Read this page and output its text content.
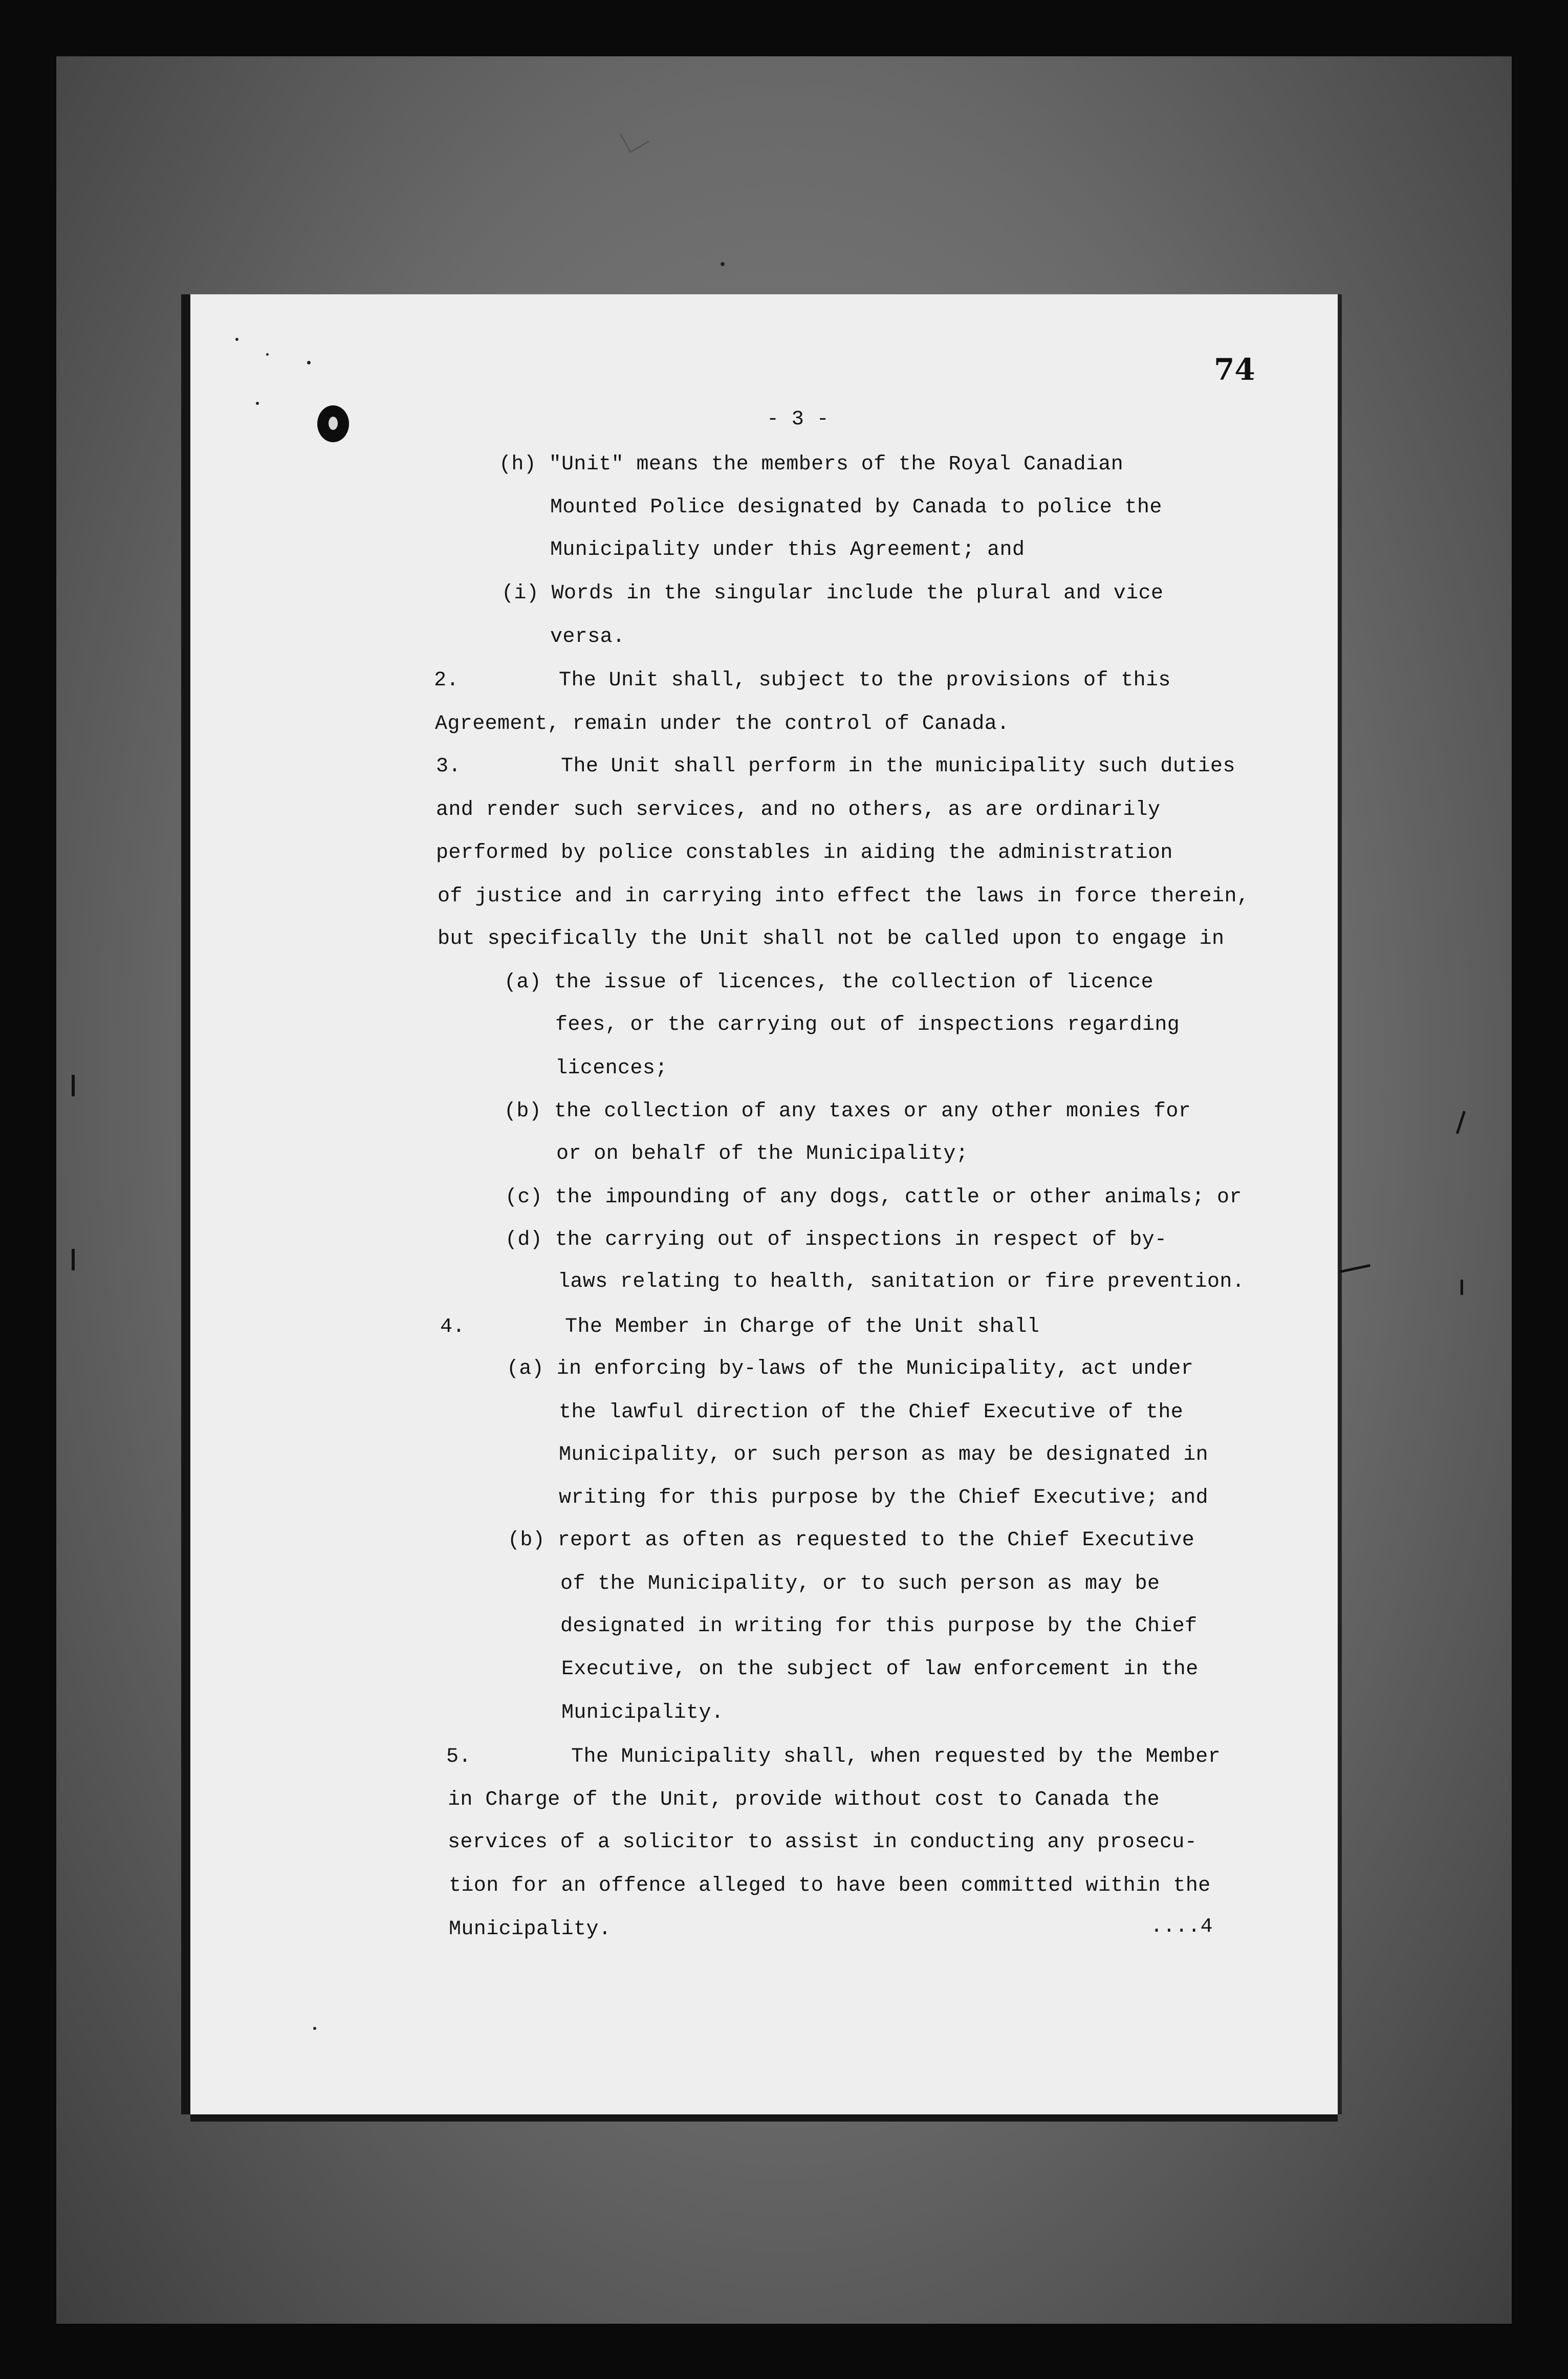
74
- 3 -
(h) "Unit" means the members of the Royal Canadian
Mounted Police designated by Canada to police the
Municipality under this Agreement; and
(i) Words in the singular include the plural and vice
versa.
2.        The Unit shall, subject to the provisions of this
Agreement, remain under the control of Canada.
3.        The Unit shall perform in the municipality such duties
and render such services, and no others, as are ordinarily
performed by police constables in aiding the administration
of justice and in carrying into effect the laws in force therein,
but specifically the Unit shall not be called upon to engage in
(a) the issue of licences, the collection of licence
fees, or the carrying out of inspections regarding
licences;
(b) the collection of any taxes or any other monies for
or on behalf of the Municipality;
(c) the impounding of any dogs, cattle or other animals; or
(d) the carrying out of inspections in respect of by-
laws relating to health, sanitation or fire prevention.
4.        The Member in Charge of the Unit shall
(a) in enforcing by-laws of the Municipality, act under
the lawful direction of the Chief Executive of the
Municipality, or such person as may be designated in
writing for this purpose by the Chief Executive; and
(b) report as often as requested to the Chief Executive
of the Municipality, or to such person as may be
designated in writing for this purpose by the Chief
Executive, on the subject of law enforcement in the
Municipality.
5.        The Municipality shall, when requested by the Member
in Charge of the Unit, provide without cost to Canada the
services of a solicitor to assist in conducting any prosecu-
tion for an offence alleged to have been committed within the
Municipality.	....4
